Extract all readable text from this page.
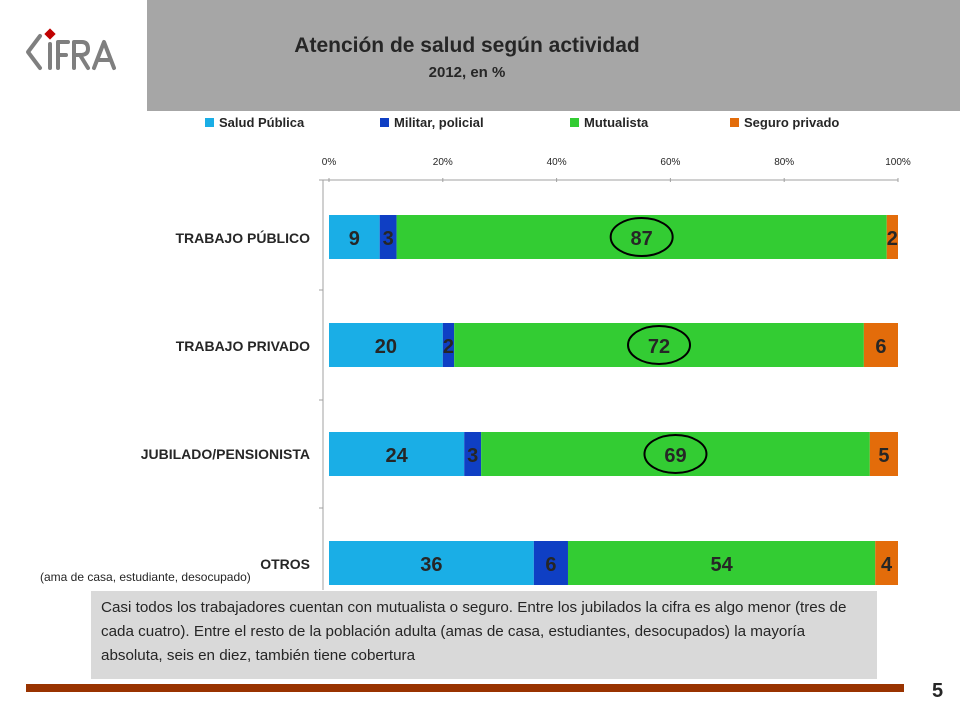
Atención de salud según actividad
2012, en %
Salud Pública	Militar, policial	Mutualista	Seguro privado
0%	20%	40%	60%	80%	100%
TRABAJO PÚBLICO
TRABAJO PRIVADO
JUBILADO/PENSIONISTA
OTROS
9 3	87	2
20 2	72	6
24	3	69	5
36	6	54	4
(ama de casa, estudiante, desocupado)
Casi todos los trabajadores cuentan con mutualista o seguro. Entre los jubilados la cifra es algo menor (tres de cada cuatro). Entre el resto de la población adulta (amas de casa, estudiantes, desocupados) la mayoría absoluta, seis en diez, también tiene cobertura
5
